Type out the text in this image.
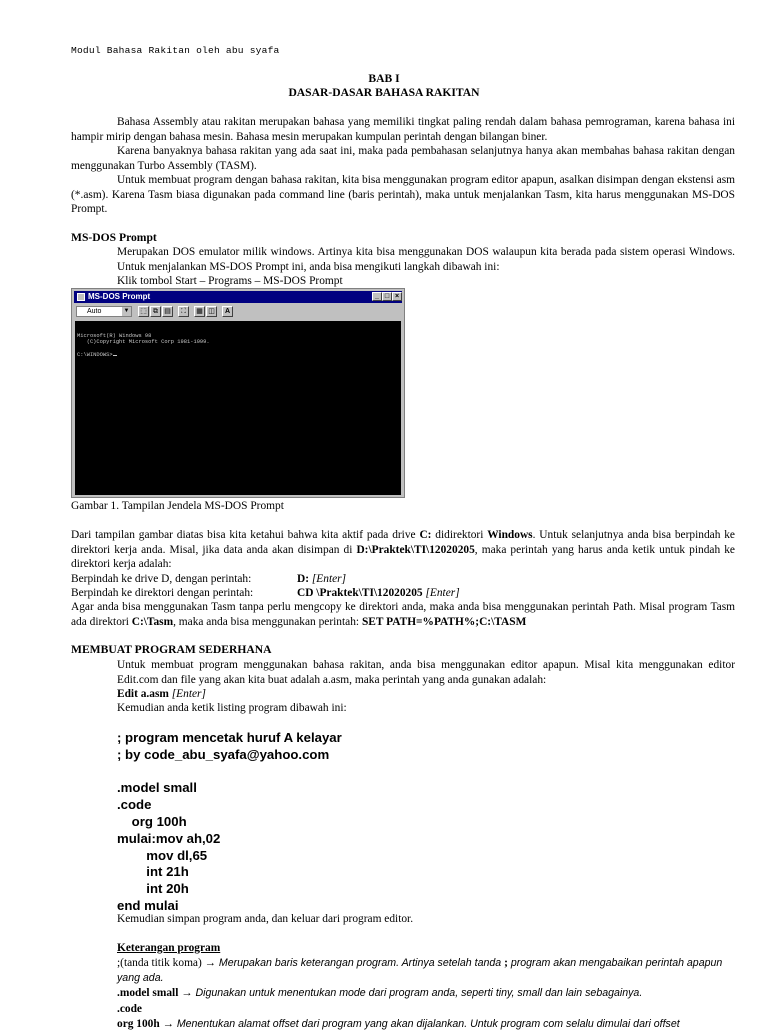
Modul Bahasa Rakitan oleh abu syafa
BAB I
DASAR-DASAR BAHASA RAKITAN
Bahasa Assembly atau rakitan merupakan bahasa yang memiliki tingkat paling rendah dalam bahasa pemrograman, karena bahasa ini hampir mirip dengan bahasa mesin. Bahasa mesin merupakan kumpulan perintah dengan bilangan biner.
Karena banyaknya bahasa rakitan yang ada saat ini, maka pada pembahasan selanjutnya hanya akan membahas bahasa rakitan dengan menggunakan Turbo Assembly (TASM).
Untuk membuat program dengan bahasa rakitan, kita bisa menggunakan program editor apapun, asalkan disimpan dengan ekstensi asm (*.asm). Karena Tasm biasa digunakan pada command line (baris perintah), maka untuk menjalankan Tasm, kita harus menggunakan MS-DOS Prompt.
MS-DOS Prompt
Merupakan DOS emulator milik windows. Artinya kita bisa menggunakan DOS walaupun kita berada pada sistem operasi Windows. Untuk menjalankan MS-DOS Prompt ini, anda bisa mengikuti langkah dibawah ini:
Klik tombol Start – Programs – MS-DOS Prompt
MS-DOS Prompt	_ □ ×
Auto	▼	⬚ ⧉ ▤	⛶	▦ ◫	A
Microsoft(R) Windows 98
(C)Copyright Microsoft Corp 1981-1999.

C:\WINDOWS>
Gambar 1. Tampilan Jendela MS-DOS Prompt
Dari tampilan gambar diatas bisa kita ketahui bahwa kita aktif pada drive C: didirektori Windows. Untuk selanjutnya anda bisa berpindah ke direktori kerja anda. Misal, jika data anda akan disimpan di D:\Praktek\TI\12020205, maka perintah yang harus anda ketik untuk pindah ke direktori kerja adalah:
Berpindah ke drive D, dengan perintah:	D: [Enter]
Berpindah ke direktori dengan perintah:	CD \Praktek\TI\12020205 [Enter]
Agar anda bisa menggunakan Tasm tanpa perlu mengcopy ke direktori anda, maka anda bisa menggunakan perintah Path. Misal program Tasm ada direktori C:\Tasm, maka anda bisa menggunakan perintah: SET PATH=%PATH%;C:\TASM
MEMBUAT PROGRAM SEDERHANA
Untuk membuat program menggunakan bahasa rakitan, anda bisa menggunakan editor apapun. Misal kita menggunakan editor Edit.com dan file yang akan kita buat adalah a.asm, maka perintah yang anda gunakan adalah:
Edit a.asm [Enter]
Kemudian anda ketik listing program dibawah ini:
; program mencetak huruf A kelayar
; by code_abu_syafa@yahoo.com
.model small
.code
org 100h
mulai:mov ah,02
mov dl,65
int 21h
int 20h
end mulai
Kemudian simpan program anda, dan keluar dari program editor.
Keterangan program
;(tanda titik koma) → Merupakan baris keterangan program. Artinya setelah tanda ; program akan mengabaikan perintah apapun yang ada.
.model small → Digunakan untuk menentukan mode dari program anda, seperti tiny, small dan lain sebagainya.
.code
org 100h → Menentukan alamat offset dari program yang akan dijalankan. Untuk program com selalu dimulai dari offset
